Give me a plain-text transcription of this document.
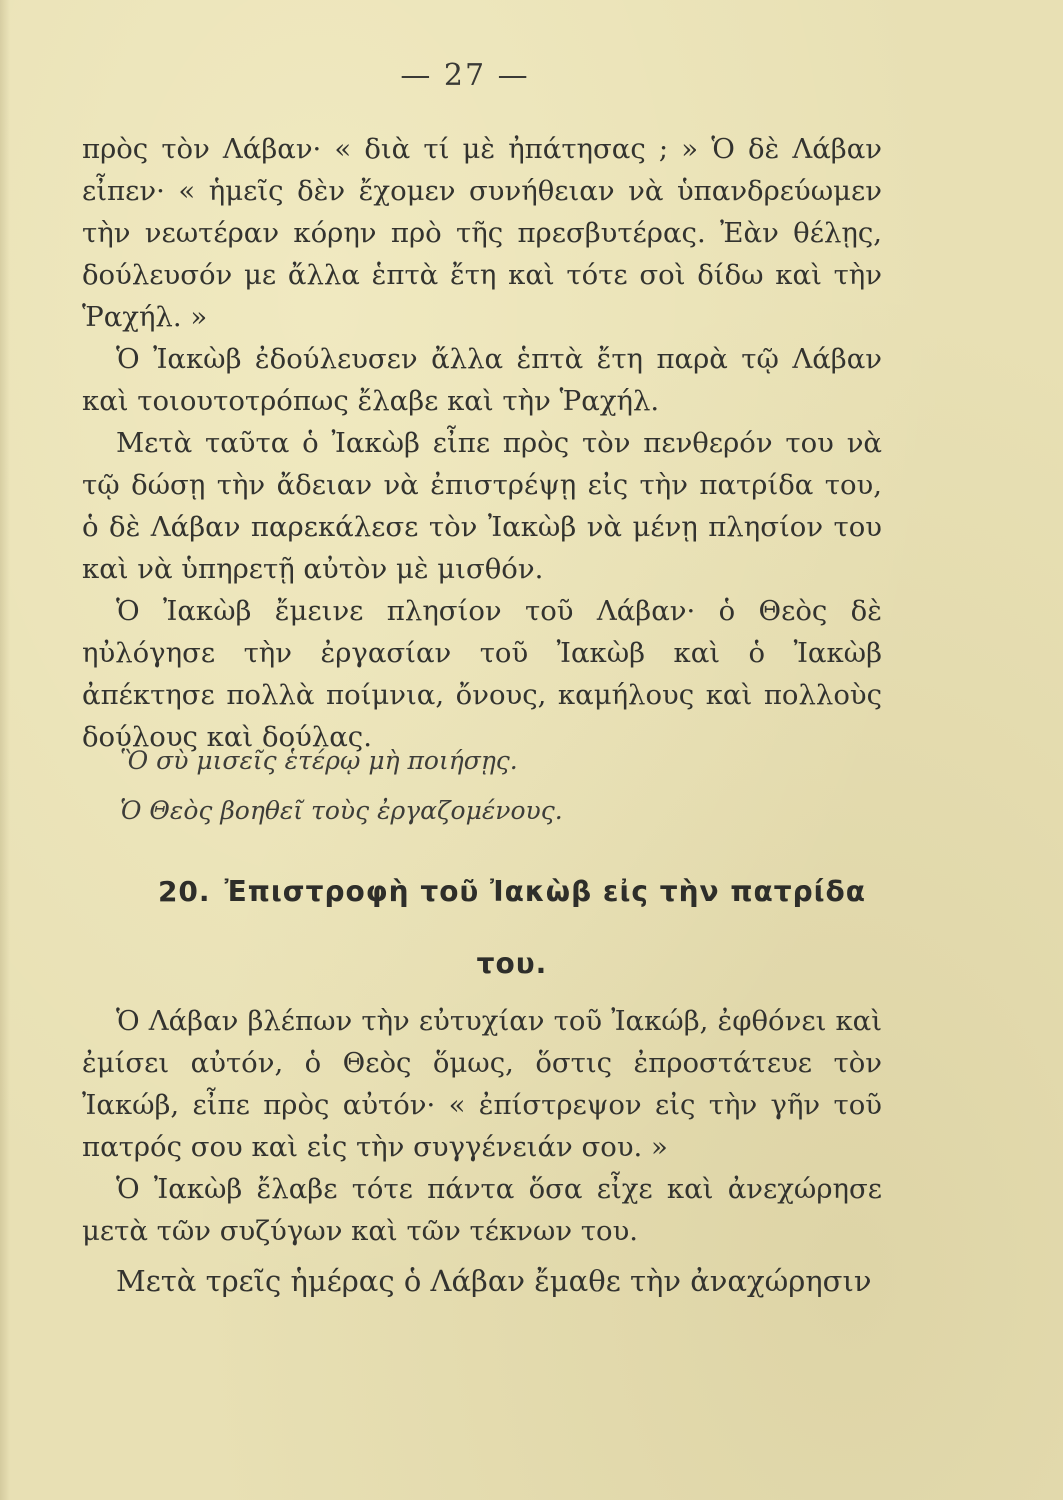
— 27 —

πρὸς τὸν Λάβαν· « διὰ τί μὲ ἠπάτησας ; » Ὁ δὲ Λάβαν εἶπεν· « ἡμεῖς δὲν ἔχομεν συνήθειαν νὰ ὑπανδρεύωμεν τὴν νεωτέραν κόρην πρὸ τῆς πρεσβυτέρας. Ἐὰν θέλῃς, δούλευσόν με ἄλλα ἑπτὰ ἔτη καὶ τότε σοὶ δίδω καὶ τὴν Ῥαχήλ. »

Ὁ Ἰακὼβ ἐδούλευσεν ἄλλα ἑπτὰ ἔτη παρὰ τῷ Λάβαν καὶ τοιουτοτρόπως ἔλαβε καὶ τὴν Ῥαχήλ.

Μετὰ ταῦτα ὁ Ἰακὼβ εἶπε πρὸς τὸν πενθερόν του νὰ τῷ δώσῃ τὴν ἄδειαν νὰ ἐπιστρέψῃ εἰς τὴν πατρίδα του, ὁ δὲ Λάβαν παρεκάλεσε τὸν Ἰακὼβ νὰ μένῃ πλησίον του καὶ νὰ ὑπηρετῇ αὐτὸν μὲ μισθόν.

Ὁ Ἰακὼβ ἔμεινε πλησίον τοῦ Λάβαν· ὁ Θεὸς δὲ ηὐλόγησε τὴν ἐργασίαν τοῦ Ἰακὼβ καὶ ὁ Ἰακὼβ ἀπέκτησε πολλὰ ποίμνια, ὄνους, καμήλους καὶ πολλοὺς δούλους καὶ δούλας.

Ὃ σὺ μισεῖς ἑτέρῳ μὴ ποιήσῃς.
Ὁ Θεὸς βοηθεῖ τοὺς ἐργαζομένους.
20. Ἐπιστροφὴ τοῦ Ἰακὼβ εἰς τὴν πατρίδα του.

Ὁ Λάβαν βλέπων τὴν εὐτυχίαν τοῦ Ἰακώβ, ἐφθόνει καὶ ἐμίσει αὐτόν, ὁ Θεὸς ὅμως, ὅστις ἐπροστάτευε τὸν Ἰακώβ, εἶπε πρὸς αὐτόν· « ἐπίστρεψον εἰς τὴν γῆν τοῦ πατρός σου καὶ εἰς τὴν συγγένειάν σου. »

Ὁ Ἰακὼβ ἔλαβε τότε πάντα ὅσα εἶχε καὶ ἀνεχώρησε μετὰ τῶν συζύγων καὶ τῶν τέκνων του.

Μετὰ τρεῖς ἡμέρας ὁ Λάβαν ἔμαθε τὴν ἀναχώρησιν
